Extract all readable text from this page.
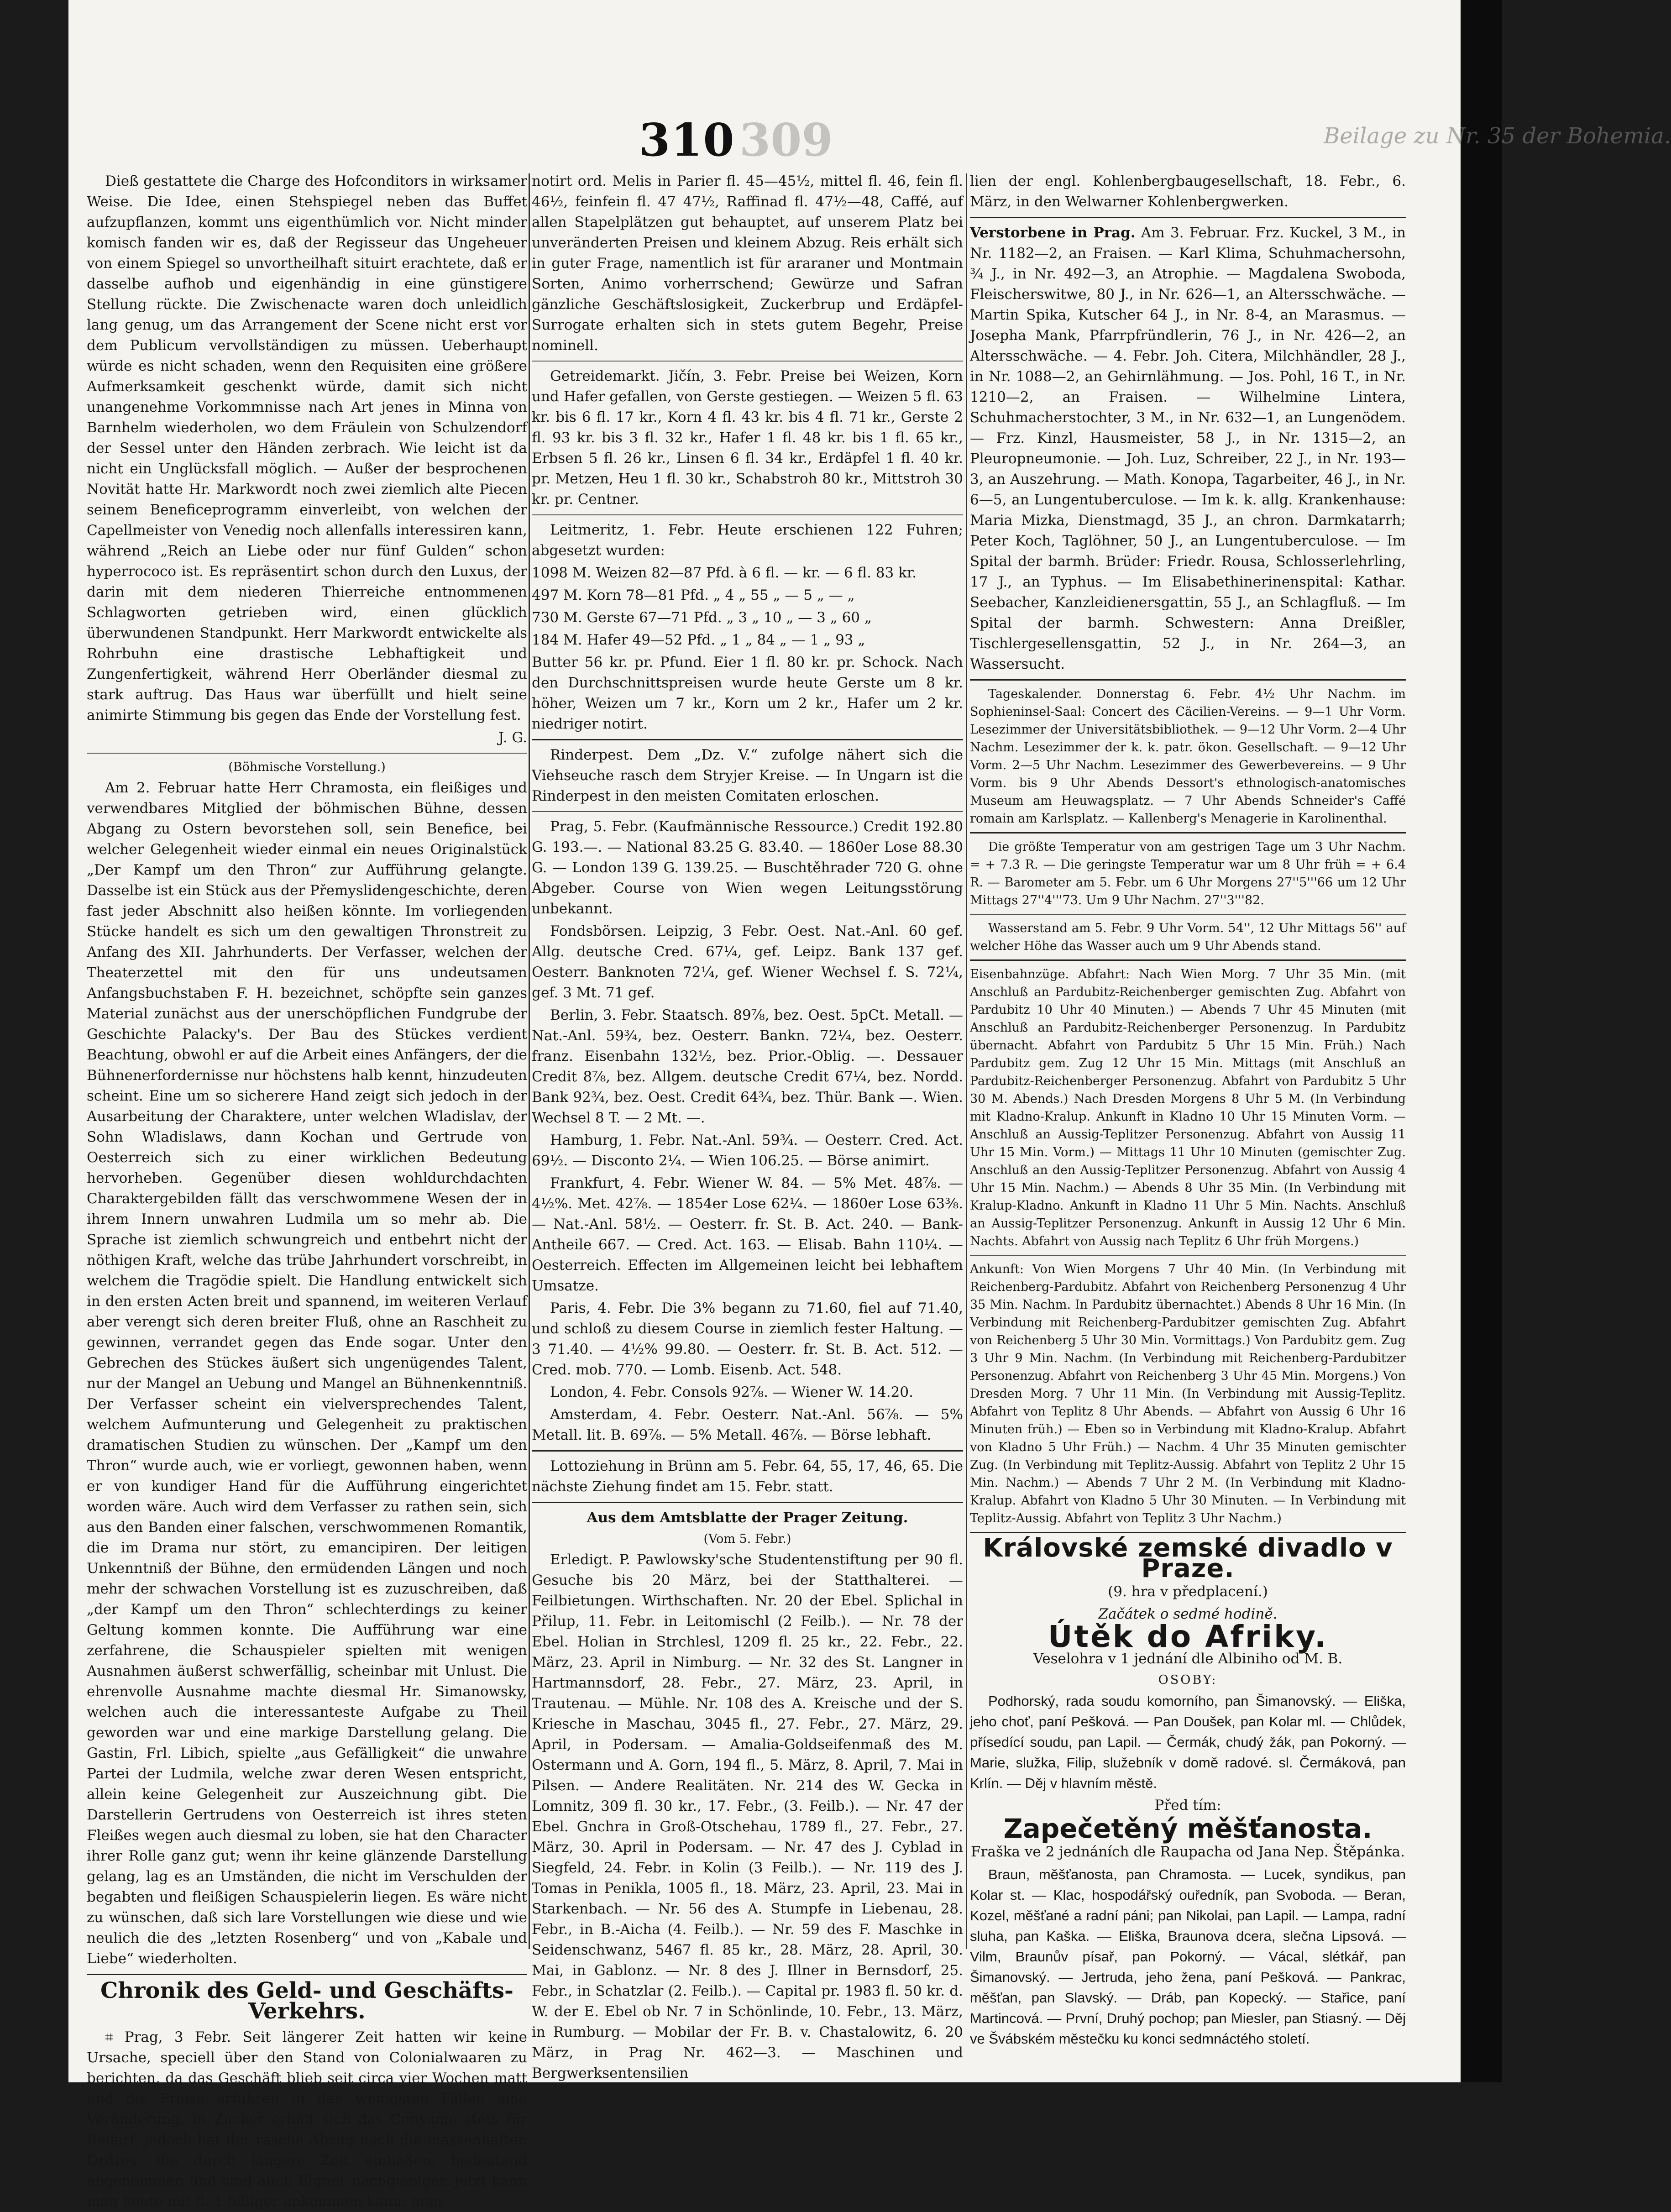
310 309	Beilage zu Nr. 35 der Bohemia.

Dieß gestattete die Charge des Hofconditors in wirksamer Weise. Die Idee, einen Stehspiegel neben das Buffet aufzupflanzen, kommt uns eigenthümlich vor. Nicht minder komisch fanden wir es, daß der Regisseur das Ungeheuer von einem Spiegel so unvortheilhaft situirt erachtete, daß er dasselbe aufhob und eigenhändig in eine günstigere Stellung rückte. Die Zwischenacte waren doch unleidlich lang genug, um das Arrangement der Scene nicht erst vor dem Publicum vervollständigen zu müssen. Ueberhaupt würde es nicht schaden, wenn den Requisiten eine größere Aufmerksamkeit geschenkt würde, damit sich nicht unangenehme Vorkommnisse nach Art jenes in Minna von Barnhelm wiederholen, wo dem Fräulein von Schulzendorf der Sessel unter den Händen zerbrach. Wie leicht ist da nicht ein Unglücksfall möglich. — Außer der besprochenen Novität hatte Hr. Markwordt noch zwei ziemlich alte Piecen seinem Beneficeprogramm einverleibt, von welchen der Capellmeister von Venedig noch allenfalls interessiren kann, während „Reich an Liebe oder nur fünf Gulden“ schon hyperrococo ist. Es repräsentirt schon durch den Luxus, der darin mit dem niederen Thierreiche entnommenen Schlagworten getrieben wird, einen glücklich überwundenen Standpunkt. Herr Markwordt entwickelte als Rohrbuhn eine drastische Lebhaftigkeit und Zungenfertigkeit, während Herr Oberländer diesmal zu stark auftrug. Das Haus war überfüllt und hielt seine animirte Stimmung bis gegen das Ende der Vorstellung fest.

J. G.

(Böhmische Vorstellung.)

Am 2. Februar hatte Herr Chramosta, ein fleißiges und verwendbares Mitglied der böhmischen Bühne, dessen Abgang zu Ostern bevorstehen soll, sein Benefice, bei welcher Gelegenheit wieder einmal ein neues Originalstück „Der Kampf um den Thron“ zur Aufführung gelangte. Dasselbe ist ein Stück aus der Přemyslidengeschichte, deren fast jeder Abschnitt also heißen könnte. Im vorliegenden Stücke handelt es sich um den gewaltigen Thronstreit zu Anfang des XII. Jahrhunderts. Der Verfasser, welchen der Theaterzettel mit den für uns undeutsamen Anfangsbuchstaben F. H. bezeichnet, schöpfte sein ganzes Material zunächst aus der unerschöpflichen Fundgrube der Geschichte Palacky's. Der Bau des Stückes verdient Beachtung, obwohl er auf die Arbeit eines Anfängers, der die Bühnenerfordernisse nur höchstens halb kennt, hinzudeuten scheint. Eine um so sicherere Hand zeigt sich jedoch in der Ausarbeitung der Charaktere, unter welchen Wladislav, der Sohn Wladislaws, dann Kochan und Gertrude von Oesterreich sich zu einer wirklichen Bedeutung hervorheben. Gegenüber diesen wohldurchdachten Charaktergebilden fällt das verschwommene Wesen der in ihrem Innern unwahren Ludmila um so mehr ab. Die Sprache ist ziemlich schwungreich und entbehrt nicht der nöthigen Kraft, welche das trübe Jahrhundert vorschreibt, in welchem die Tragödie spielt. Die Handlung entwickelt sich in den ersten Acten breit und spannend, im weiteren Verlauf aber verengt sich deren breiter Fluß, ohne an Raschheit zu gewinnen, verrandet gegen das Ende sogar. Unter den Gebrechen des Stückes äußert sich ungenügendes Talent, nur der Mangel an Uebung und Mangel an Bühnenkenntniß. Der Verfasser scheint ein vielversprechendes Talent, welchem Aufmunterung und Gelegenheit zu praktischen dramatischen Studien zu wünschen. Der „Kampf um den Thron“ wurde auch, wie er vorliegt, gewonnen haben, wenn er von kundiger Hand für die Aufführung eingerichtet worden wäre. Auch wird dem Verfasser zu rathen sein, sich aus den Banden einer falschen, verschwommenen Romantik, die im Drama nur stört, zu emancipiren. Der leitigen Unkenntniß der Bühne, den ermüdenden Längen und noch mehr der schwachen Vorstellung ist es zuzuschreiben, daß „der Kampf um den Thron“ schlechterdings zu keiner Geltung kommen konnte. Die Aufführung war eine zerfahrene, die Schauspieler spielten mit wenigen Ausnahmen äußerst schwerfällig, scheinbar mit Unlust. Die ehrenvolle Ausnahme machte diesmal Hr. Simanowsky, welchen auch die interessanteste Aufgabe zu Theil geworden war und eine markige Darstellung gelang. Die Gastin, Frl. Libich, spielte „aus Gefälligkeit“ die unwahre Partei der Ludmila, welche zwar deren Wesen entspricht, allein keine Gelegenheit zur Auszeichnung gibt. Die Darstellerin Gertrudens von Oesterreich ist ihres steten Fleißes wegen auch diesmal zu loben, sie hat den Character ihrer Rolle ganz gut; wenn ihr keine glänzende Darstellung gelang, lag es an Umständen, die nicht im Verschulden der begabten und fleißigen Schauspielerin liegen. Es wäre nicht zu wünschen, daß sich lare Vorstellungen wie diese und wie neulich die des „letzten Rosenberg“ und von „Kabale und Liebe“ wiederholten.

Chronik des Geld- und Geschäfts-Verkehrs.

⌗ Prag, 3 Febr. Seit längerer Zeit hatten wir keine Ursache, speciell über den Stand von Colonialwaaren zu berichten, da das Geschäft blieb seit circa vier Wochen matt und die Preise erfuhren in den wenigsten Fällen eine Veränderung. In Zucker erhält sich das Consumo stets für Bedarf, jedoch hat der rasche Abzug nach die massenhaften Ordres, die durch längere Zeit einließen, bedeutend abgenommen und sind auch Eigner nachgiebiger, jetzt kann man heute mit fl. 1 billiger ankommen kann; man

notirt ord. Melis in Parier fl. 45—45½, mittel fl. 46, fein fl. 46½, feinfein fl. 47 47½, Raffinad fl. 47½—48, Caffé, auf allen Stapelplätzen gut behauptet, auf unserem Platz bei unveränderten Preisen und kleinem Abzug. Reis erhält sich in guter Frage, namentlich ist für araraner und Montmain Sorten, Animo vorherrschend; Gewürze und Safran gänzliche Geschäftslosigkeit, Zuckerbrup und Erdäpfel-Surrogate erhalten sich in stets gutem Begehr, Preise nominell.

Getreidemarkt. Jičín, 3. Febr. Preise bei Weizen, Korn und Hafer gefallen, von Gerste gestiegen. — Weizen 5 fl. 63 kr. bis 6 fl. 17 kr., Korn 4 fl. 43 kr. bis 4 fl. 71 kr., Gerste 2 fl. 93 kr. bis 3 fl. 32 kr., Hafer 1 fl. 48 kr. bis 1 fl. 65 kr., Erbsen 5 fl. 26 kr., Linsen 6 fl. 34 kr., Erdäpfel 1 fl. 40 kr. pr. Metzen, Heu 1 fl. 30 kr., Schabstroh 80 kr., Mittstroh 30 kr. pr. Centner.

Leitmeritz, 1. Febr. Heute erschienen 122 Fuhren; abgesetzt wurden:

1098 M. Weizen 82—87 Pfd. à 6 fl. — kr. — 6 fl. 83 kr.

497 M. Korn 78—81 Pfd. „ 4 „ 55 „ — 5 „ — „

730 M. Gerste 67—71 Pfd. „ 3 „ 10 „ — 3 „ 60 „

184 M. Hafer 49—52 Pfd. „ 1 „ 84 „ — 1 „ 93 „

Butter 56 kr. pr. Pfund. Eier 1 fl. 80 kr. pr. Schock. Nach den Durchschnittspreisen wurde heute Gerste um 8 kr. höher, Weizen um 7 kr., Korn um 2 kr., Hafer um 2 kr. niedriger notirt.

Rinderpest. Dem „Dz. V.“ zufolge nähert sich die Viehseuche rasch dem Stryjer Kreise. — In Ungarn ist die Rinderpest in den meisten Comitaten erloschen.

Prag, 5. Febr. (Kaufmännische Ressource.) Credit 192.80 G. 193.—. — National 83.25 G. 83.40. — 1860er Lose 88.30 G. — London 139 G. 139.25. — Buschtěhrader 720 G. ohne Abgeber. Course von Wien wegen Leitungsstörung unbekannt.

Fondsbörsen. Leipzig, 3 Febr. Oest. Nat.-Anl. 60 gef. Allg. deutsche Cred. 67¼, gef. Leipz. Bank 137 gef. Oesterr. Banknoten 72¼, gef. Wiener Wechsel f. S. 72¼, gef. 3 Mt. 71 gef.

Berlin, 3. Febr. Staatsch. 89⅞, bez. Oest. 5pCt. Metall. — Nat.-Anl. 59¾, bez. Oesterr. Bankn. 72¼, bez. Oesterr. franz. Eisenbahn 132½, bez. Prior.-Oblig. —. Dessauer Credit 8⅞, bez. Allgem. deutsche Credit 67¼, bez. Nordd. Bank 92¾, bez. Oest. Credit 64¾, bez. Thür. Bank —. Wien. Wechsel 8 T. — 2 Mt. —.

Hamburg, 1. Febr. Nat.-Anl. 59¾. — Oesterr. Cred. Act. 69½. — Disconto 2¼. — Wien 106.25. — Börse animirt.

Frankfurt, 4. Febr. Wiener W. 84. — 5% Met. 48⅞. — 4½%. Met. 42⅞. — 1854er Lose 62¼. — 1860er Lose 63⅜. — Nat.-Anl. 58½. — Oesterr. fr. St. B. Act. 240. — Bank-Antheile 667. — Cred. Act. 163. — Elisab. Bahn 110¼. — Oesterreich. Effecten im Allgemeinen leicht bei lebhaftem Umsatze.

Paris, 4. Febr. Die 3% begann zu 71.60, fiel auf 71.40, und schloß zu diesem Course in ziemlich fester Haltung. — 3 71.40. — 4½% 99.80. — Oesterr. fr. St. B. Act. 512. — Cred. mob. 770. — Lomb. Eisenb. Act. 548.

London, 4. Febr. Consols 92⅞. — Wiener W. 14.20.

Amsterdam, 4. Febr. Oesterr. Nat.-Anl. 56⅞. — 5% Metall. lit. B. 69⅞. — 5% Metall. 46⅞. — Börse lebhaft.

Lottoziehung in Brünn am 5. Febr. 64, 55, 17, 46, 65. Die nächste Ziehung findet am 15. Febr. statt.

Aus dem Amtsblatte der Prager Zeitung.

(Vom 5. Febr.)

Erledigt. P. Pawlowsky'sche Studentenstiftung per 90 fl. Gesuche bis 20 März, bei der Statthalterei. — Feilbietungen. Wirthschaften. Nr. 20 der Ebel. Splichal in Přilup, 11. Febr. in Leitomischl (2 Feilb.). — Nr. 78 der Ebel. Holian in Strchlesl, 1209 fl. 25 kr., 22. Febr., 22. März, 23. April in Nimburg. — Nr. 32 des St. Langner in Hartmannsdorf, 28. Febr., 27. März, 23. April, in Trautenau. — Mühle. Nr. 108 des A. Kreische und der S. Kriesche in Maschau, 3045 fl., 27. Febr., 27. März, 29. April, in Podersam. — Amalia-Goldseifenmaß des M. Ostermann und A. Gorn, 194 fl., 5. März, 8. April, 7. Mai in Pilsen. — Andere Realitäten. Nr. 214 des W. Gecka in Lomnitz, 309 fl. 30 kr., 17. Febr., (3. Feilb.). — Nr. 47 der Ebel. Gnchra in Groß-Otschehau, 1789 fl., 27. Febr., 27. März, 30. April in Podersam. — Nr. 47 des J. Cyblad in Siegfeld, 24. Febr. in Kolin (3 Feilb.). — Nr. 119 des J. Tomas in Penikla, 1005 fl., 18. März, 23. April, 23. Mai in Starkenbach. — Nr. 56 des A. Stumpfe in Liebenau, 28. Febr., in B.-Aicha (4. Feilb.). — Nr. 59 des F. Maschke in Seidenschwanz, 5467 fl. 85 kr., 28. März, 28. April, 30. Mai, in Gablonz. — Nr. 8 des J. Illner in Bernsdorf, 25. Febr., in Schatzlar (2. Feilb.). — Capital pr. 1983 fl. 50 kr. d. W. der E. Ebel ob Nr. 7 in Schönlinde, 10. Febr., 13. März, in Rumburg. — Mobilar der Fr. B. v. Chastalowitz, 6. 20 März, in Prag Nr. 462—3. — Maschinen und Bergwerksentensilien

lien der engl. Kohlenbergbaugesellschaft, 18. Febr., 6. März, in den Welwarner Kohlenbergwerken.

Verstorbene in Prag. Am 3. Februar. Frz. Kuckel, 3 M., in Nr. 1182—2, an Fraisen. — Karl Klima, Schuhmachersohn, ¾ J., in Nr. 492—3, an Atrophie. — Magdalena Swoboda, Fleischerswitwe, 80 J., in Nr. 626—1, an Altersschwäche. — Martin Spika, Kutscher 64 J., in Nr. 8-4, an Marasmus. — Josepha Mank, Pfarrpfründlerin, 76 J., in Nr. 426—2, an Altersschwäche. — 4. Febr. Joh. Citera, Milchhändler, 28 J., in Nr. 1088—2, an Gehirnlähmung. — Jos. Pohl, 16 T., in Nr. 1210—2, an Fraisen. — Wilhelmine Lintera, Schuhmacherstochter, 3 M., in Nr. 632—1, an Lungenödem. — Frz. Kinzl, Hausmeister, 58 J., in Nr. 1315—2, an Pleuropneumonie. — Joh. Luz, Schreiber, 22 J., in Nr. 193—3, an Auszehrung. — Math. Konopa, Tagarbeiter, 46 J., in Nr. 6—5, an Lungentuberculose. — Im k. k. allg. Krankenhause: Maria Mizka, Dienstmagd, 35 J., an chron. Darmkatarrh; Peter Koch, Taglöhner, 50 J., an Lungentuberculose. — Im Spital der barmh. Brüder: Friedr. Rousa, Schlosserlehrling, 17 J., an Typhus. — Im Elisabethinerinenspital: Kathar. Seebacher, Kanzleidienersgattin, 55 J., an Schlagfluß. — Im Spital der barmh. Schwestern: Anna Dreißler, Tischlergesellensgattin, 52 J., in Nr. 264—3, an Wassersucht.

Tageskalender. Donnerstag 6. Febr. 4½ Uhr Nachm. im Sophieninsel-Saal: Concert des Cäcilien-Vereins. — 9—1 Uhr Vorm. Lesezimmer der Universitätsbibliothek. — 9—12 Uhr Vorm. 2—4 Uhr Nachm. Lesezimmer der k. k. patr. ökon. Gesellschaft. — 9—12 Uhr Vorm. 2—5 Uhr Nachm. Lesezimmer des Gewerbevereins. — 9 Uhr Vorm. bis 9 Uhr Abends Dessort's ethnologisch-anatomisches Museum am Heuwagsplatz. — 7 Uhr Abends Schneider's Caffé romain am Karlsplatz. — Kallenberg's Menagerie in Karolinenthal.

Die größte Temperatur von am gestrigen Tage um 3 Uhr Nachm. = + 7.3 R. — Die geringste Temperatur war um 8 Uhr früh = + 6.4 R. — Barometer am 5. Febr. um 6 Uhr Morgens 27''5'''66 um 12 Uhr Mittags 27''4'''73. Um 9 Uhr Nachm. 27''3'''82.

Wasserstand am 5. Febr. 9 Uhr Vorm. 54'', 12 Uhr Mittags 56'' auf welcher Höhe das Wasser auch um 9 Uhr Abends stand.

Eisenbahnzüge. Abfahrt: Nach Wien Morg. 7 Uhr 35 Min. (mit Anschluß an Pardubitz-Reichenberger gemischten Zug. Abfahrt von Pardubitz 10 Uhr 40 Minuten.) — Abends 7 Uhr 45 Minuten (mit Anschluß an Pardubitz-Reichenberger Personenzug. In Pardubitz übernacht. Abfahrt von Pardubitz 5 Uhr 15 Min. Früh.) Nach Pardubitz gem. Zug 12 Uhr 15 Min. Mittags (mit Anschluß an Pardubitz-Reichenberger Personenzug. Abfahrt von Pardubitz 5 Uhr 30 M. Abends.) Nach Dresden Morgens 8 Uhr 5 M. (In Verbindung mit Kladno-Kralup. Ankunft in Kladno 10 Uhr 15 Minuten Vorm. — Anschluß an Aussig-Teplitzer Personenzug. Abfahrt von Aussig 11 Uhr 15 Min. Vorm.) — Mittags 11 Uhr 10 Minuten (gemischter Zug. Anschluß an den Aussig-Teplitzer Personenzug. Abfahrt von Aussig 4 Uhr 15 Min. Nachm.) — Abends 8 Uhr 35 Min. (In Verbindung mit Kralup-Kladno. Ankunft in Kladno 11 Uhr 5 Min. Nachts. Anschluß an Aussig-Teplitzer Personenzug. Ankunft in Aussig 12 Uhr 6 Min. Nachts. Abfahrt von Aussig nach Teplitz 6 Uhr früh Morgens.)

Ankunft: Von Wien Morgens 7 Uhr 40 Min. (In Verbindung mit Reichenberg-Pardubitz. Abfahrt von Reichenberg Personenzug 4 Uhr 35 Min. Nachm. In Pardubitz übernachtet.) Abends 8 Uhr 16 Min. (In Verbindung mit Reichenberg-Pardubitzer gemischten Zug. Abfahrt von Reichenberg 5 Uhr 30 Min. Vormittags.) Von Pardubitz gem. Zug 3 Uhr 9 Min. Nachm. (In Verbindung mit Reichenberg-Pardubitzer Personenzug. Abfahrt von Reichenberg 3 Uhr 45 Min. Morgens.) Von Dresden Morg. 7 Uhr 11 Min. (In Verbindung mit Aussig-Teplitz. Abfahrt von Teplitz 8 Uhr Abends. — Abfahrt von Aussig 6 Uhr 16 Minuten früh.) — Eben so in Verbindung mit Kladno-Kralup. Abfahrt von Kladno 5 Uhr Früh.) — Nachm. 4 Uhr 35 Minuten gemischter Zug. (In Verbindung mit Teplitz-Aussig. Abfahrt von Teplitz 2 Uhr 15 Min. Nachm.) — Abends 7 Uhr 2 M. (In Verbindung mit Kladno-Kralup. Abfahrt von Kladno 5 Uhr 30 Minuten. — In Verbindung mit Teplitz-Aussig. Abfahrt von Teplitz 3 Uhr Nachm.)

Královské zemské divadlo v Praze.

(9. hra v předplacení.)

Začátek o sedmé hodině.

Útěk do Afriky.

Veselohra v 1 jednání dle Albiniho od M. B.

OSOBY:

Podhorský, rada soudu komorního, pan Šimanovský. — Eliška, jeho choť, paní Pešková. — Pan Doušek, pan Kolar ml. — Chlůdek, přísedící soudu, pan Lapil. — Čermák, chudý žák, pan Pokorný. — Marie, služka, Filip, služebník v domě radové. sl. Čermáková, pan Krlín. — Děj v hlavním městě.

Před tím:

Zapečetěný měšťanosta.

Fraška ve 2 jednáních dle Raupacha od Jana Nep. Štěpánka.

Braun, měšťanosta, pan Chramosta. — Lucek, syndikus, pan Kolar st. — Klac, hospodářský ouředník, pan Svoboda. — Beran, Kozel, měšťané a radní páni; pan Nikolai, pan Lapil. — Lampa, radní sluha, pan Kaška. — Eliška, Braunova dcera, slečna Lipsová. — Vilm, Braunův písař, pan Pokorný. — Vácal, slétkář, pan Šimanovský. — Jertruda, jeho žena, paní Pešková. — Pankrac, měšťan, pan Slavský. — Dráb, pan Kopecký. — Stařice, paní Martincová. — První, Druhý pochop; pan Miesler, pan Stiasný. — Děj ve Švábském městečku ku konci sedmnáctého století.
